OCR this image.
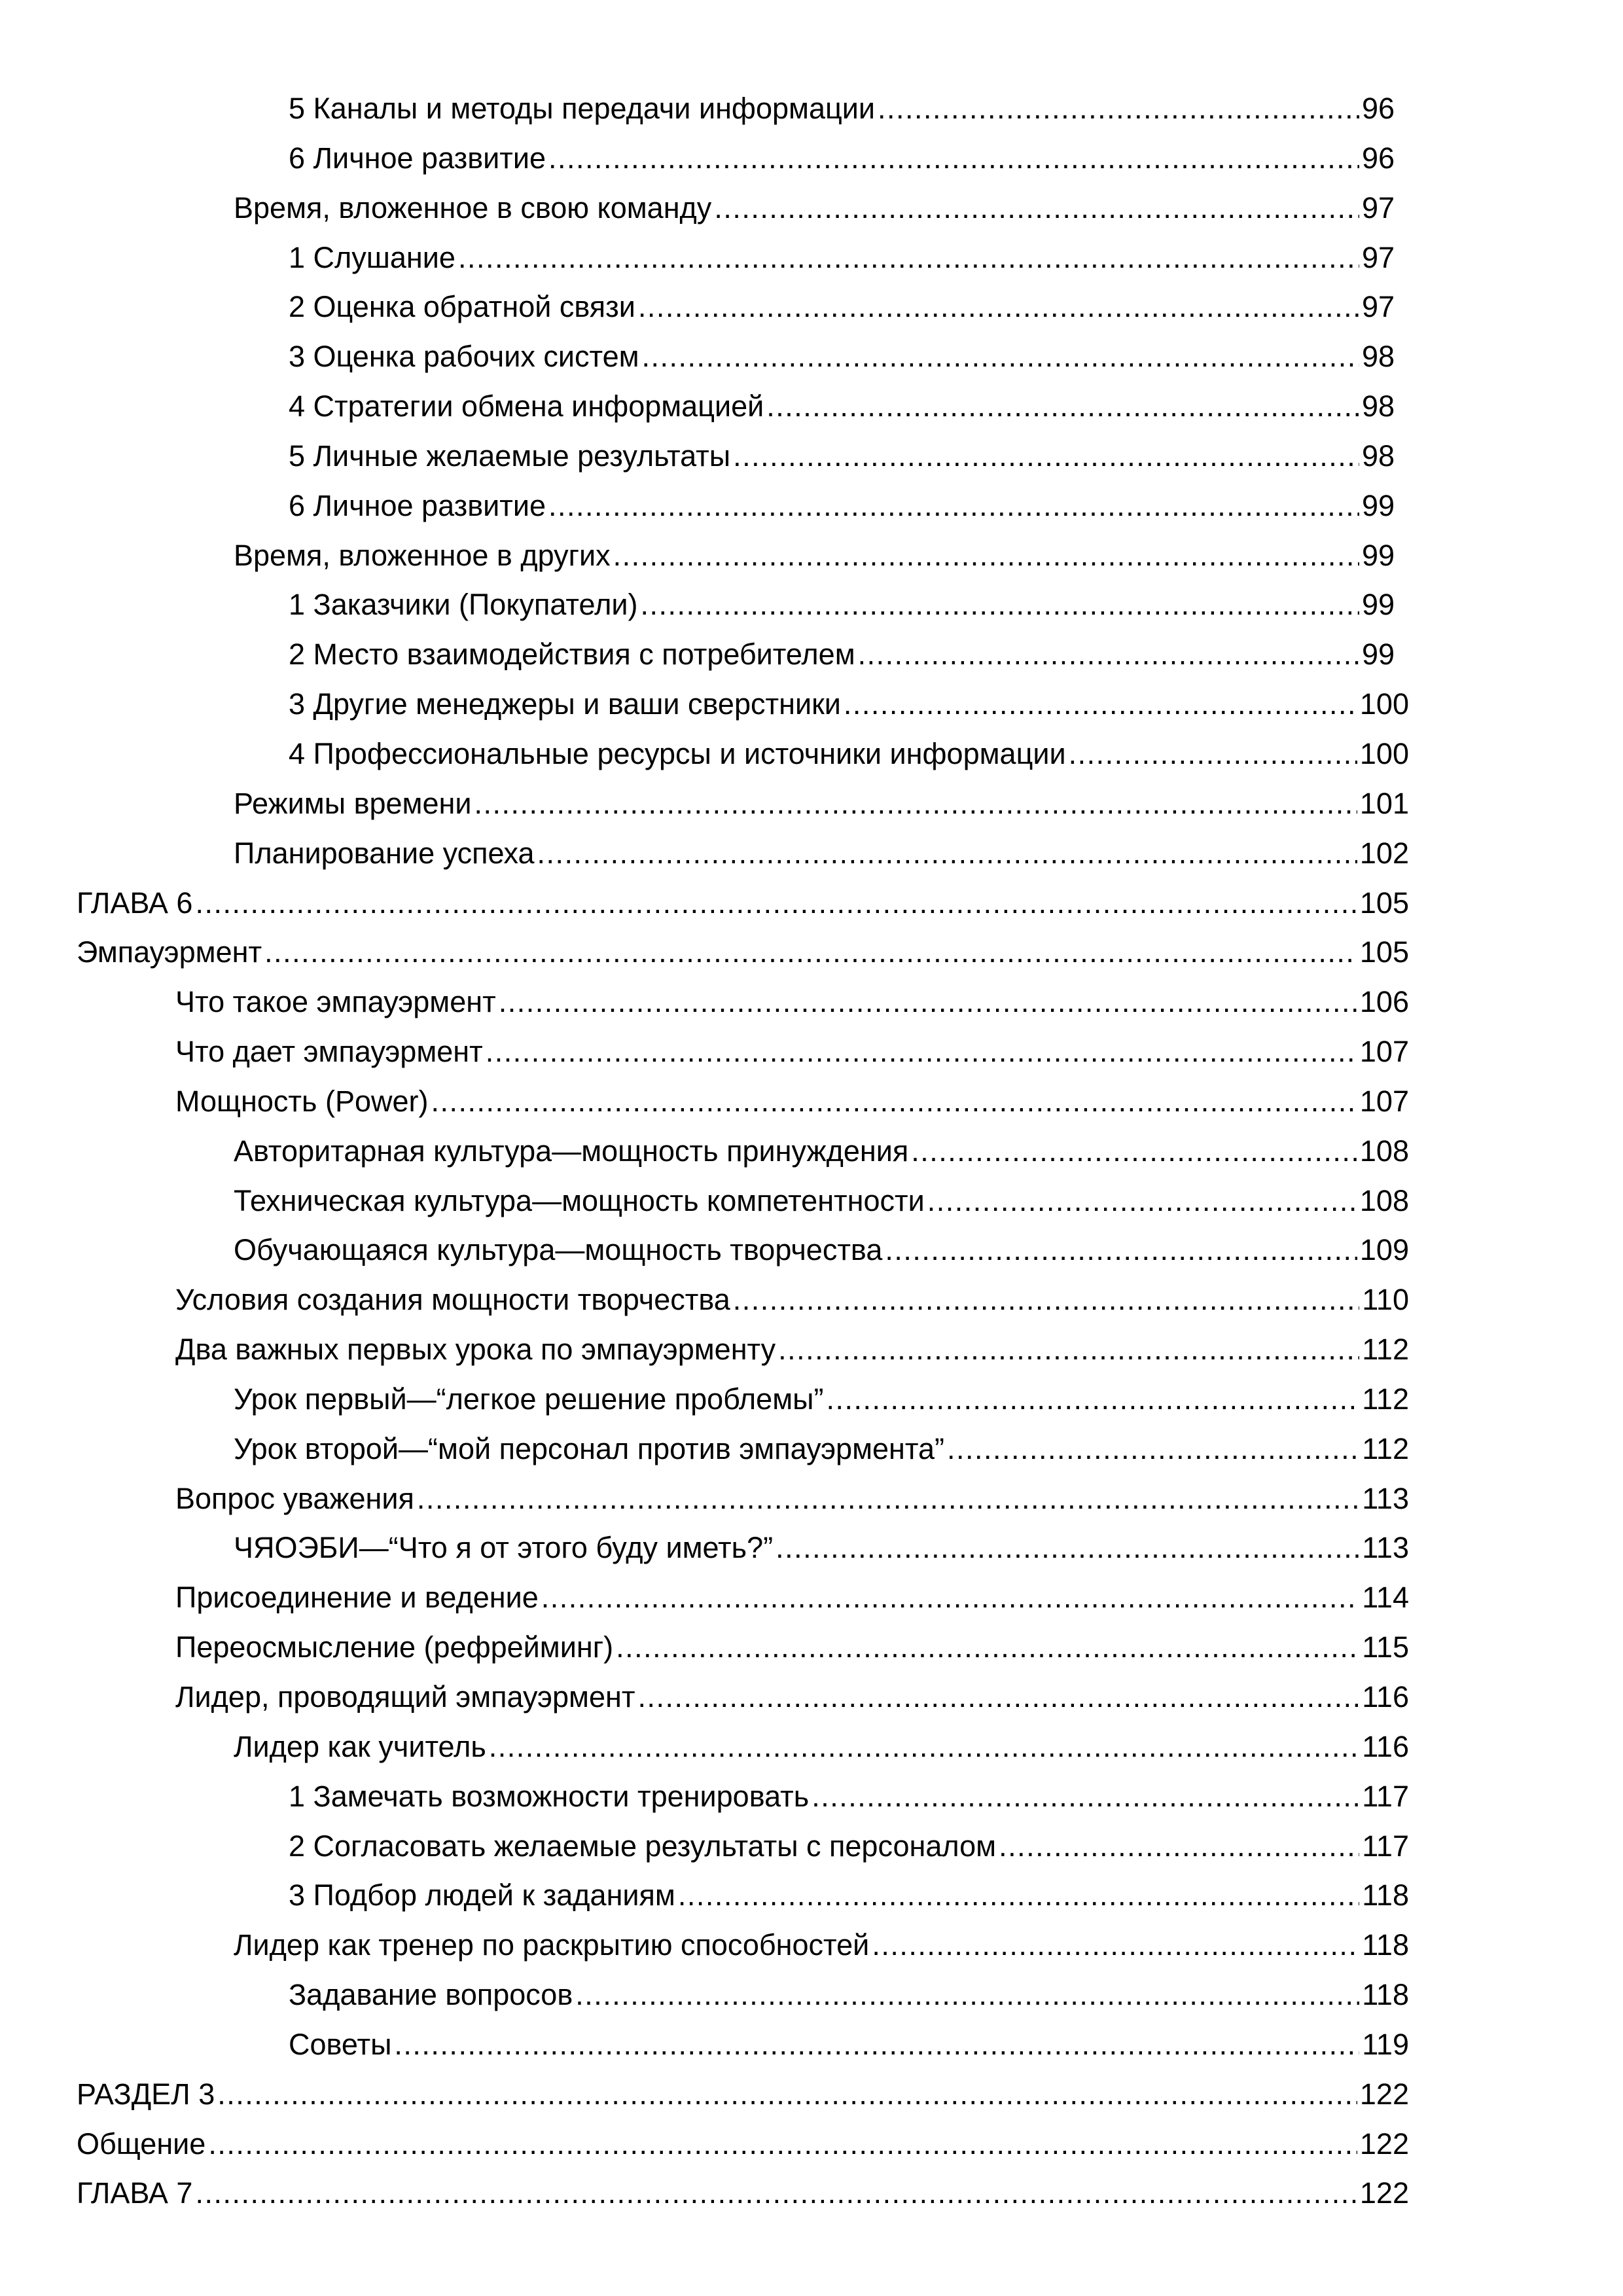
5 Каналы и методы передачи информации .....	96
6 Личное развитие .....	96
Время, вложенное в свою команду .....	97
1 Слушание .....	97
2 Оценка обратной связи .....	97
3 Оценка рабочих систем .....	98
4 Стратегии обмена информацией .....	98
5 Личные желаемые результаты .....	98
6 Личное развитие .....	99
Время, вложенное в других .....	99
1 Заказчики (Покупатели) .....	99
2 Место взаимодействия с потребителем .....	99
3 Другие менеджеры и ваши сверстники .....	100
4 Профессиональные ресурсы и источники информации .....	100
Режимы времени .....	101
Планирование успеха .....	102
ГЛАВА 6 .....	105
Эмпауэрмент .....	105
Что такое эмпауэрмент .....	106
Что дает эмпауэрмент .....	107
Мощность (Power) .....	107
Авторитарная культура—мощность принуждения .....	108
Техническая культура—мощность компетентности .....	108
Обучающаяся культура—мощность творчества .....	109
Условия создания мощности творчества .....	110
Два важных первых урока по эмпауэрменту .....	112
Урок первый—“легкое решение проблемы” .....	112
Урок второй—“мой персонал против эмпауэрмента” .....	112
Вопрос уважения .....	113
ЧЯОЭБИ—“Что я от этого буду иметь?” .....	113
Присоединение и ведение .....	114
Переосмысление (рефрейминг) .....	115
Лидер, проводящий эмпауэрмент .....	116
Лидер как учитель .....	116
1 Замечать возможности тренировать .....	117
2 Согласовать желаемые результаты с персоналом .....	117
3 Подбор людей к заданиям .....	118
Лидер как тренер по раскрытию способностей .....	118
Задавание вопросов .....	118
Советы .....	119
РАЗДЕЛ 3 .....	122
Общение .....	122
ГЛАВА 7 .....	122
